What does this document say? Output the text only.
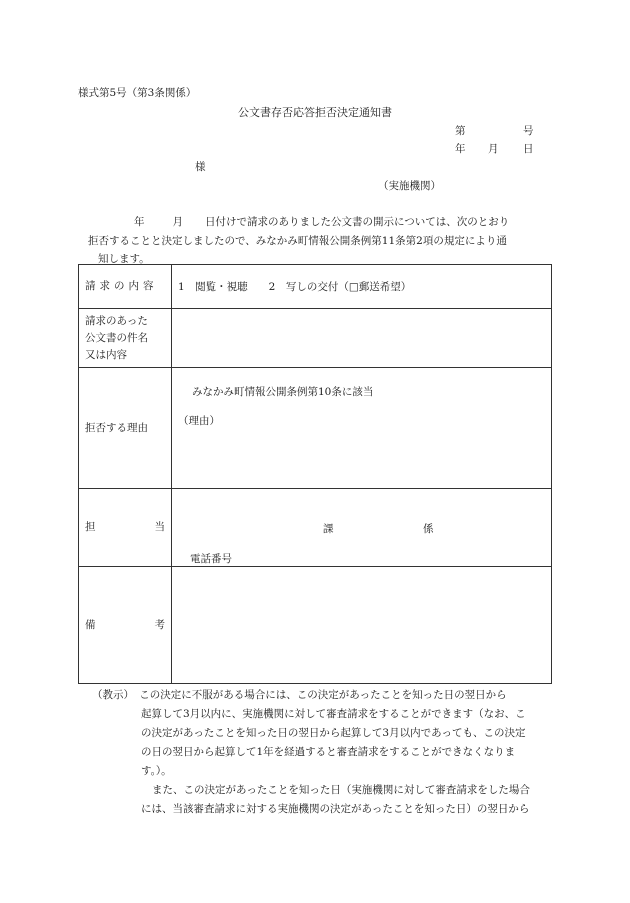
様式第5号（第3条関係）
公文書存否応答拒否決定通知書
第	号
年 月 日
様
（実施機関）
年	月 日付けで請求のありました公文書の開示については、次のとおり
拒否することと決定しましたので、みなかみ町情報公開条例第11条第2項の規定により通
知します。
請求の内容	1　閲覧・視聴　　2　写しの交付（□郵送希望）

請求のあった
公文書の件名
又は内容	

拒否する理由	みなかみ町情報公開条例第10条に該当
（理由）

担 当	課 係
電話番号

備 考	

（教示）　 この決定に不服がある場合には、この決定があったことを知った日の翌日から
起算して3月以内に、実施機関に対して審査請求をすることができます（なお、こ
の決定があったことを知った日の翌日から起算して3月以内であっても、この決定
の日の翌日から起算して1年を経過すると審査請求をすることができなくなりま
す。）。
また、この決定があったことを知った日（実施機関に対して審査請求をした場合
には、当該審査請求に対する実施機関の決定があったことを知った日）の翌日から
